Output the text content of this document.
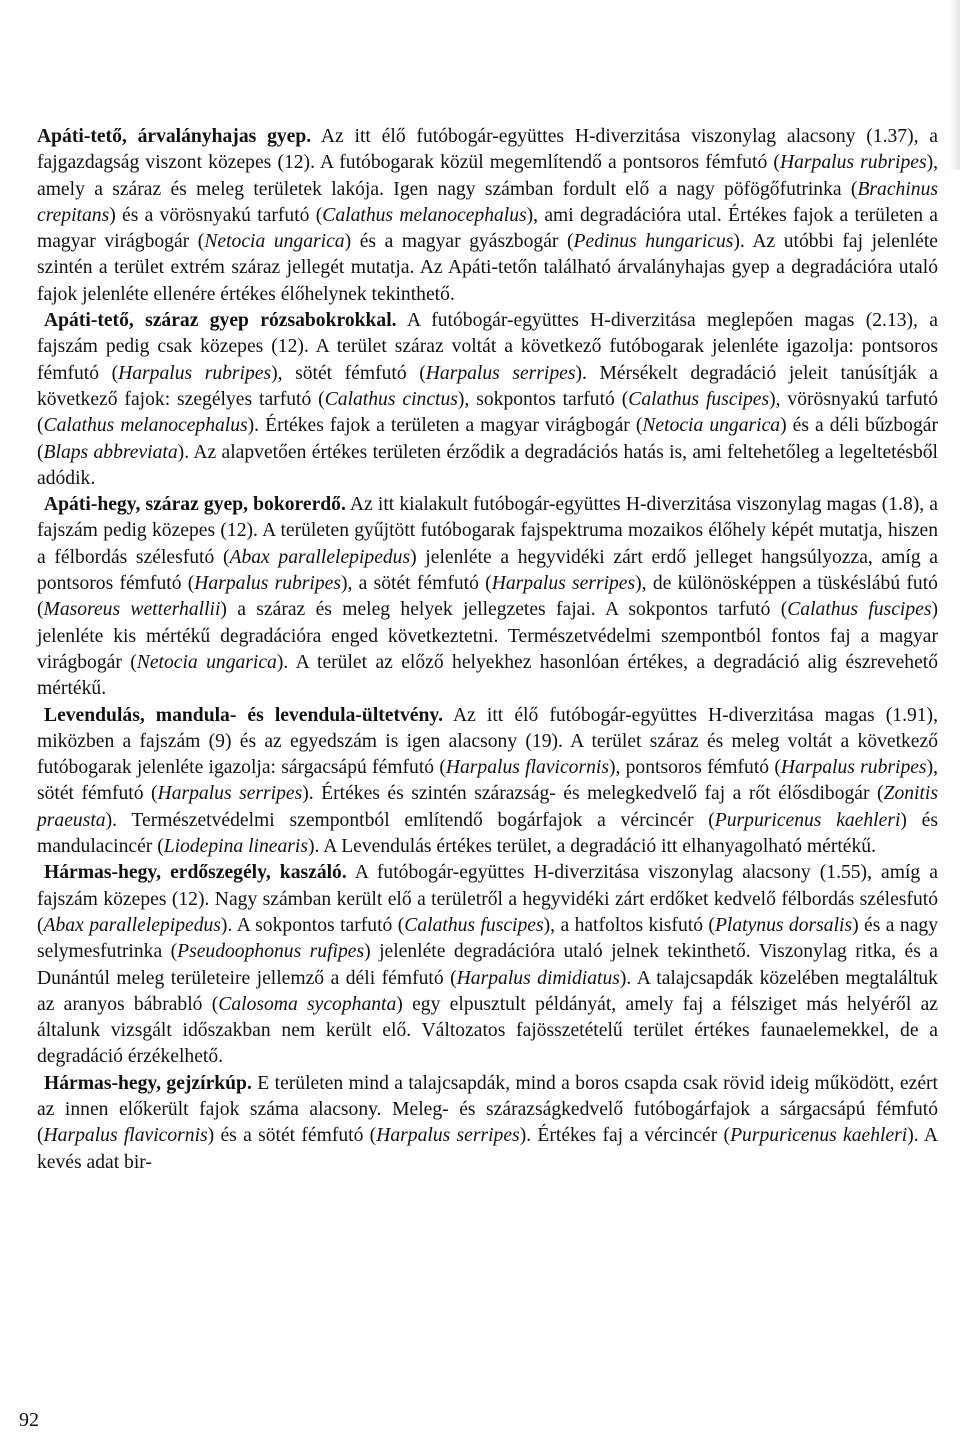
Apáti-tető, árvalányhajas gyep. Az itt élő futóbogár-együttes H-diverzitása viszonylag alacsony (1.37), a fajgazdagság viszont közepes (12). A futóbogarak közül megemlítendő a pontsoros fémfutó (Harpalus rubripes), amely a száraz és meleg területek lakója. Igen nagy számban fordult elő a nagy pöfögőfutrinka (Brachinus crepitans) és a vörösnyakú tarfutó (Calathus melanocephalus), ami degradációra utal. Értékes fajok a területen a magyar virágbogár (Netocia ungarica) és a magyar gyászbogár (Pedinus hungaricus). Az utóbbi faj jelenléte szintén a terület extrém száraz jellegét mutatja. Az Apáti-tetőn található árvalányhajas gyep a degradációra utaló fajok jelenléte ellenére értékes élőhelynek tekinthető.

Apáti-tető, száraz gyep rózsabokrokkal. A futóbogár-együttes H-diverzitása meglepően magas (2.13), a fajszám pedig csak közepes (12). A terület száraz voltát a következő futóbogarak jelenléte igazolja: pontsoros fémfutó (Harpalus rubripes), sötét fémfutó (Harpalus serripes). Mérsékelt degradáció jeleit tanúsítják a következő fajok: szegélyes tarfutó (Calathus cinctus), sokpontos tarfutó (Calathus fuscipes), vörösnyakú tarfutó (Calathus melanocephalus). Értékes fajok a területen a magyar virágbogár (Netocia ungarica) és a déli bűzbogár (Blaps abbreviata). Az alapvetően értékes területen érződik a degradációs hatás is, ami feltehetőleg a legeltetésből adódik.

Apáti-hegy, száraz gyep, bokorerdő. Az itt kialakult futóbogár-együttes H-diverzitása viszonylag magas (1.8), a fajszám pedig közepes (12). A területen gyűjtött futóbogarak fajspektruma mozaikos élőhely képét mutatja, hiszen a félbordás szélesfutó (Abax parallelepipedus) jelenléte a hegyvidéki zárt erdő jelleget hangsúlyozza, amíg a pontsoros fémfutó (Harpalus rubripes), a sötét fémfutó (Harpalus serripes), de különösképpen a tüskéslábú futó (Masoreus wetterhallii) a száraz és meleg helyek jellegzetes fajai. A sokpontos tarfutó (Calathus fuscipes) jelenléte kis mértékű degradációra enged következtetni. Természetvédelmi szempontból fontos faj a magyar virágbogár (Netocia ungarica). A terület az előző helyekhez hasonlóan értékes, a degradáció alig észrevehető mértékű.

Levendulás, mandula- és levendula-ültetvény. Az itt élő futóbogár-együttes H-diverzitása magas (1.91), miközben a fajszám (9) és az egyedszám is igen alacsony (19). A terület száraz és meleg voltát a következő futóbogarak jelenléte igazolja: sárgacsápú fémfutó (Harpalus flavicornis), pontsoros fémfutó (Harpalus rubripes), sötét fémfutó (Harpalus serripes). Értékes és szintén szárazság- és melegkedvelő faj a rőt élősdibogár (Zonitis praeusta). Természetvédelmi szempontból említendő bogárfajok a vércincér (Purpuricenus kaehleri) és mandulacincér (Liodерina linearis). A Levendulás értékes terület, a degradáció itt elhanyagolható mértékű.

Hármas-hegy, erdőszegély, kaszáló. A futóbogár-együttes H-diverzitása viszonylag alacsony (1.55), amíg a fajszám közepes (12). Nagy számban került elő a területről a hegyvidéki zárt erdőket kedvelő félbordás szélesfutó (Abax parallelepipedus). A sokpontos tarfutó (Calathus fuscipes), a hatfoltos kisfutó (Platynus dorsalis) és a nagy selymesfutrinka (Pseudoophonus rufipes) jelenléte degradációra utaló jelnek tekinthető. Viszonylag ritka, és a Dunántúl meleg területeire jellemző a déli fémfutó (Harpalus dimidiatus). A talajcsapdák közelében megtaláltuk az aranyos bábrabló (Calosoma sycophanta) egy elpusztult példányát, amely faj a félsziget más helyéről az általunk vizsgált időszakban nem került elő. Változatos fajösszetételű terület értékes faunaelemekkel, de a degradáció érzékelhető.

Hármas-hegy, gejzírkúp. E területen mind a talajcsapdák, mind a boros csapda csak rövid ideig működött, ezért az innen előkerült fajok száma alacsony. Meleg- és szárazságkedvelő futóbogárfajok a sárgacsápú fémfutó (Harpalus flavicornis) és a sötét fémfutó (Harpalus serripes). Értékes faj a vércincér (Purpuricenus kaehleri). A kevés adat bir-

92
